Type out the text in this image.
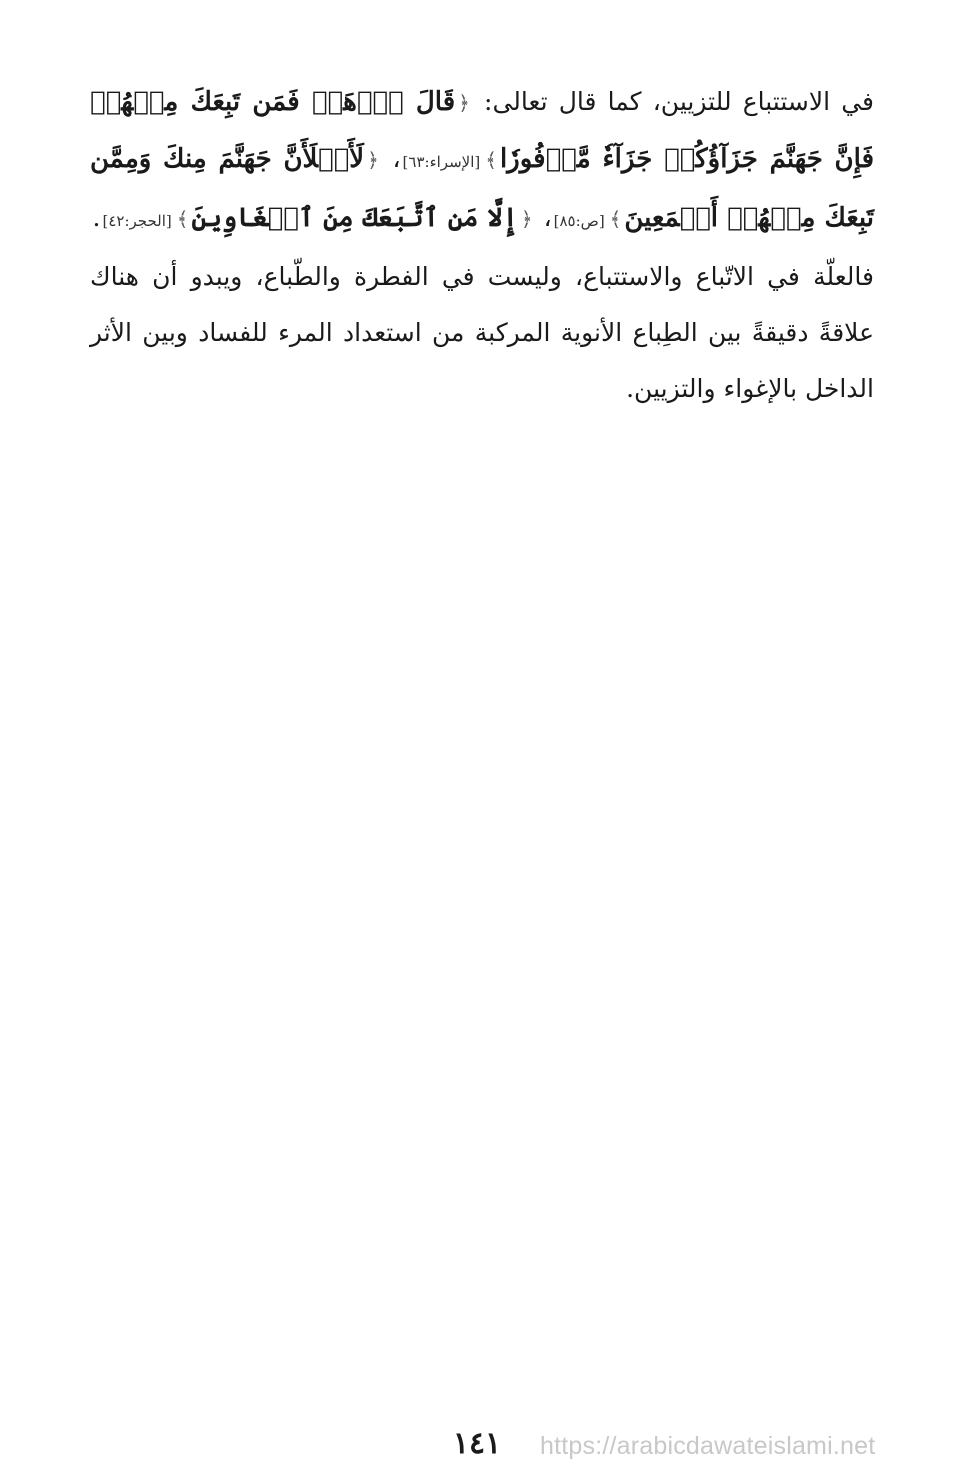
في الاستتباع للتزيين، كما قال تعالى: ﴿قَالَ ٱذۡهَبۡ فَمَن تَبِعَكَ مِنۡهُمۡ فَإِنَّ جَهَنَّمَ جَزَآؤُكُمۡ جَزَآءٗ مَّوۡفُورٗا﴾[الإسراء:٦٣]، ﴿لَأَمۡلَأَنَّ جَهَنَّمَ مِنكَ وَمِمَّن تَبِعَكَ مِنۡهُمۡ أَجۡمَعِينَ﴾[ص:٨٥]، ﴿إِلَّا مَنِ ٱتَّبَعَكَ مِنَ ٱلۡغَاوِينَ﴾[الحجر:٤٢].

فالعلّة في الاتّباع والاستتباع، وليست في الفطرة والطّباع، ويبدو أن هناك علاقةً دقيقةً بين الطِباع الأنوية المركبة من استعداد المرء للفساد وبين الأثر الداخل بالإغواء والتزيين.

١٤١	https://arabicdawateislami.net
